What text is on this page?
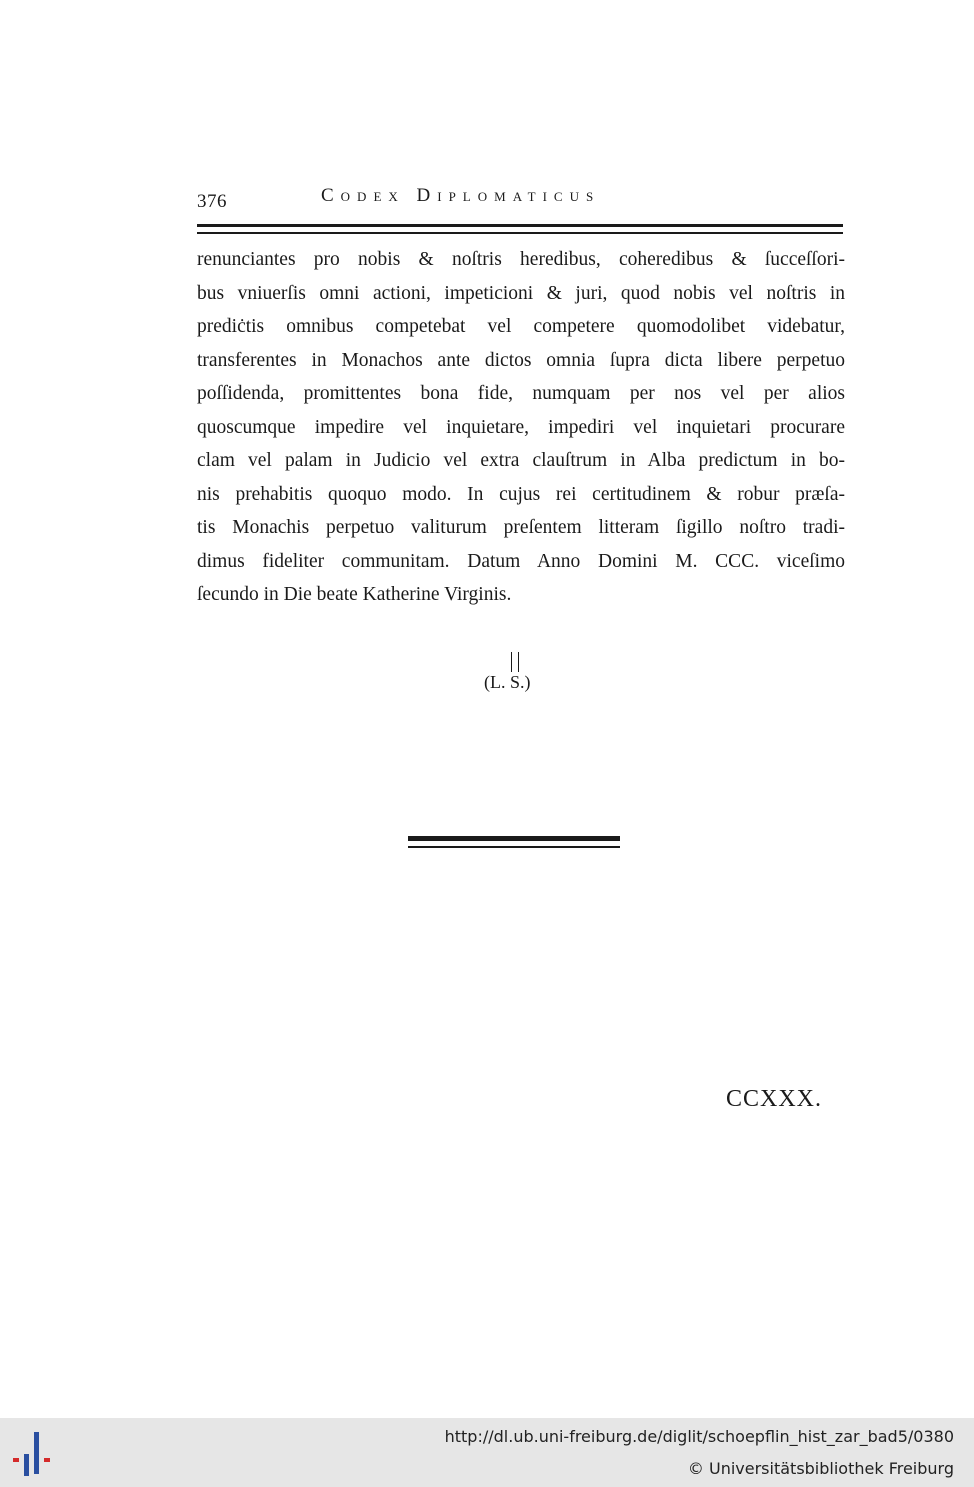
376	Codex Diplomaticus
renunciantes pro nobis & noſtris heredibus, coheredibus & ſucceſſori-
bus vniuerſis omni actioni, impeticioni & juri, quod nobis vel noſtris in
prediċtis omnibus competebat vel competere quomodolibet videbatur,
transferentes in Monachos ante dictos omnia ſupra dicta libere perpetuo
poſſidenda, promittentes bona fide, numquam per nos vel per alios
quoscumque impedire vel inquietare, impediri vel inquietari procurare
clam vel palam in Judicio vel extra clauſtrum in Alba predictum in bo-
nis prehabitis quoquo modo. In cujus rei certitudinem & robur præſa-
tis Monachis perpetuo valiturum preſentem litteram ſigillo noſtro tradi-
dimus fideliter communitam. Datum Anno Domini M. CCC. viceſimo
ſecundo in Die beate Katherine Virginis.
(L. S.)
CCXXX.
http://dl.ub.uni-freiburg.de/diglit/schoepflin_hist_zar_bad5/0380
© Universitätsbibliothek Freiburg
